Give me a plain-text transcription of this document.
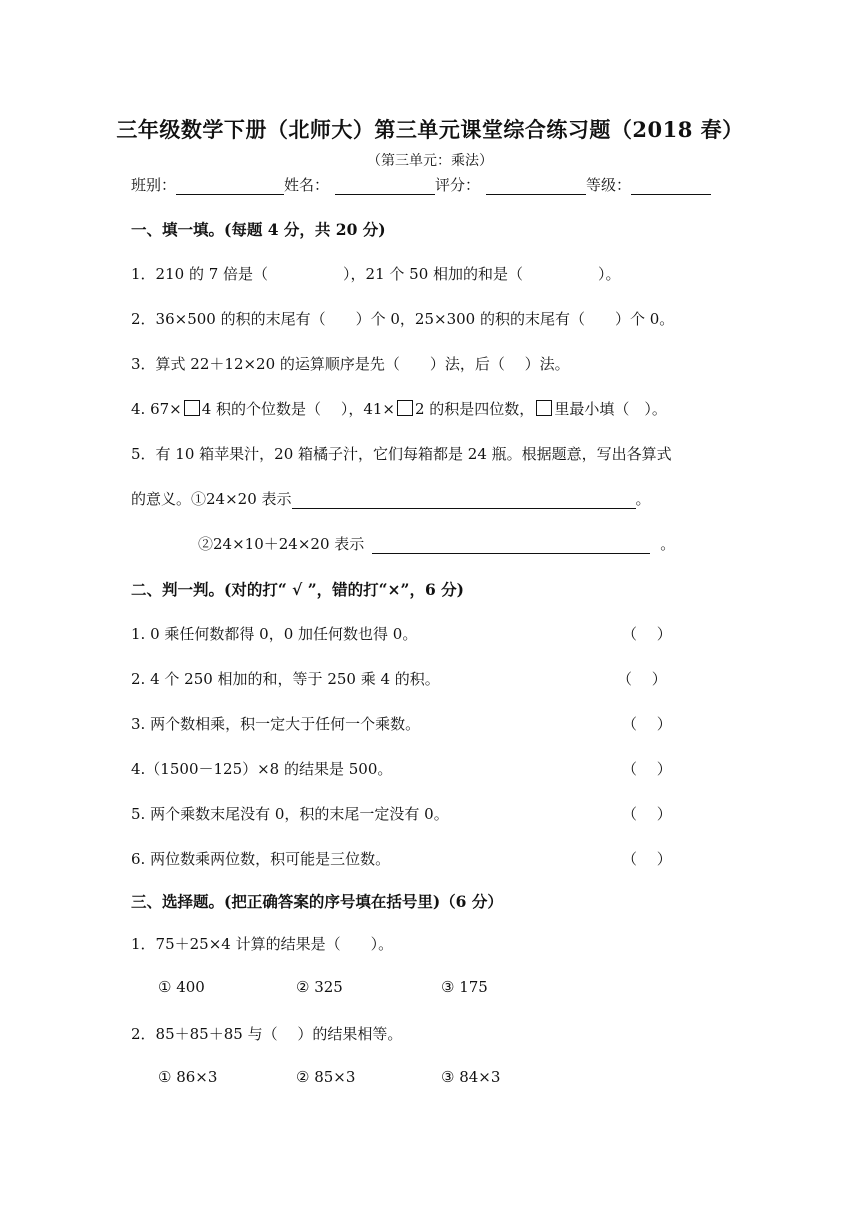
三年级数学下册（北师大）第三单元课堂综合练习题（2018 春）
（第三单元：乘法）
班别：	姓名：	评分：	等级：
一、填一填。(每题 4 分，共 20 分)
1．210 的 7 倍是（　　　　　），21 个 50 相加的和是（　　　　　）。
2．36×500 的积的末尾有（　　）个 0，25×300 的积的末尾有（　　）个 0。
3．算式 22＋12×20 的运算顺序是先（　　）法，后（　 ）法。
4. 67× 4 积的个位数是（　 ），41× 2 的积是四位数， 里最小填（　）。
5．有 10 箱苹果汁，20 箱橘子汁，它们每箱都是 24 瓶。根据题意，写出各算式
的意义。①24×20 表示	。
②24×10＋24×20 表示	。
二、判一判。(对的打“ √ ”，错的打“×”，6 分)
1. 0 乘任何数都得 0，0 加任何数也得 0。	（　 ）
2. 4 个 250 相加的和，等于 250 乘 4 的积。	（　 ）
3. 两个数相乘，积一定大于任何一个乘数。	（　 ）
4.（1500－125）×8 的结果是 500。	（　 ）
5. 两个乘数末尾没有 0，积的末尾一定没有 0。	（　 ）
6. 两位数乘两位数，积可能是三位数。	（　 ）
三、选择题。(把正确答案的序号填在括号里)（6 分）
1．75＋25×4 计算的结果是（　　）。
① 400	② 325	③ 175
2．85＋85＋85 与（　 ）的结果相等。
① 86×3	② 85×3	③ 84×3
